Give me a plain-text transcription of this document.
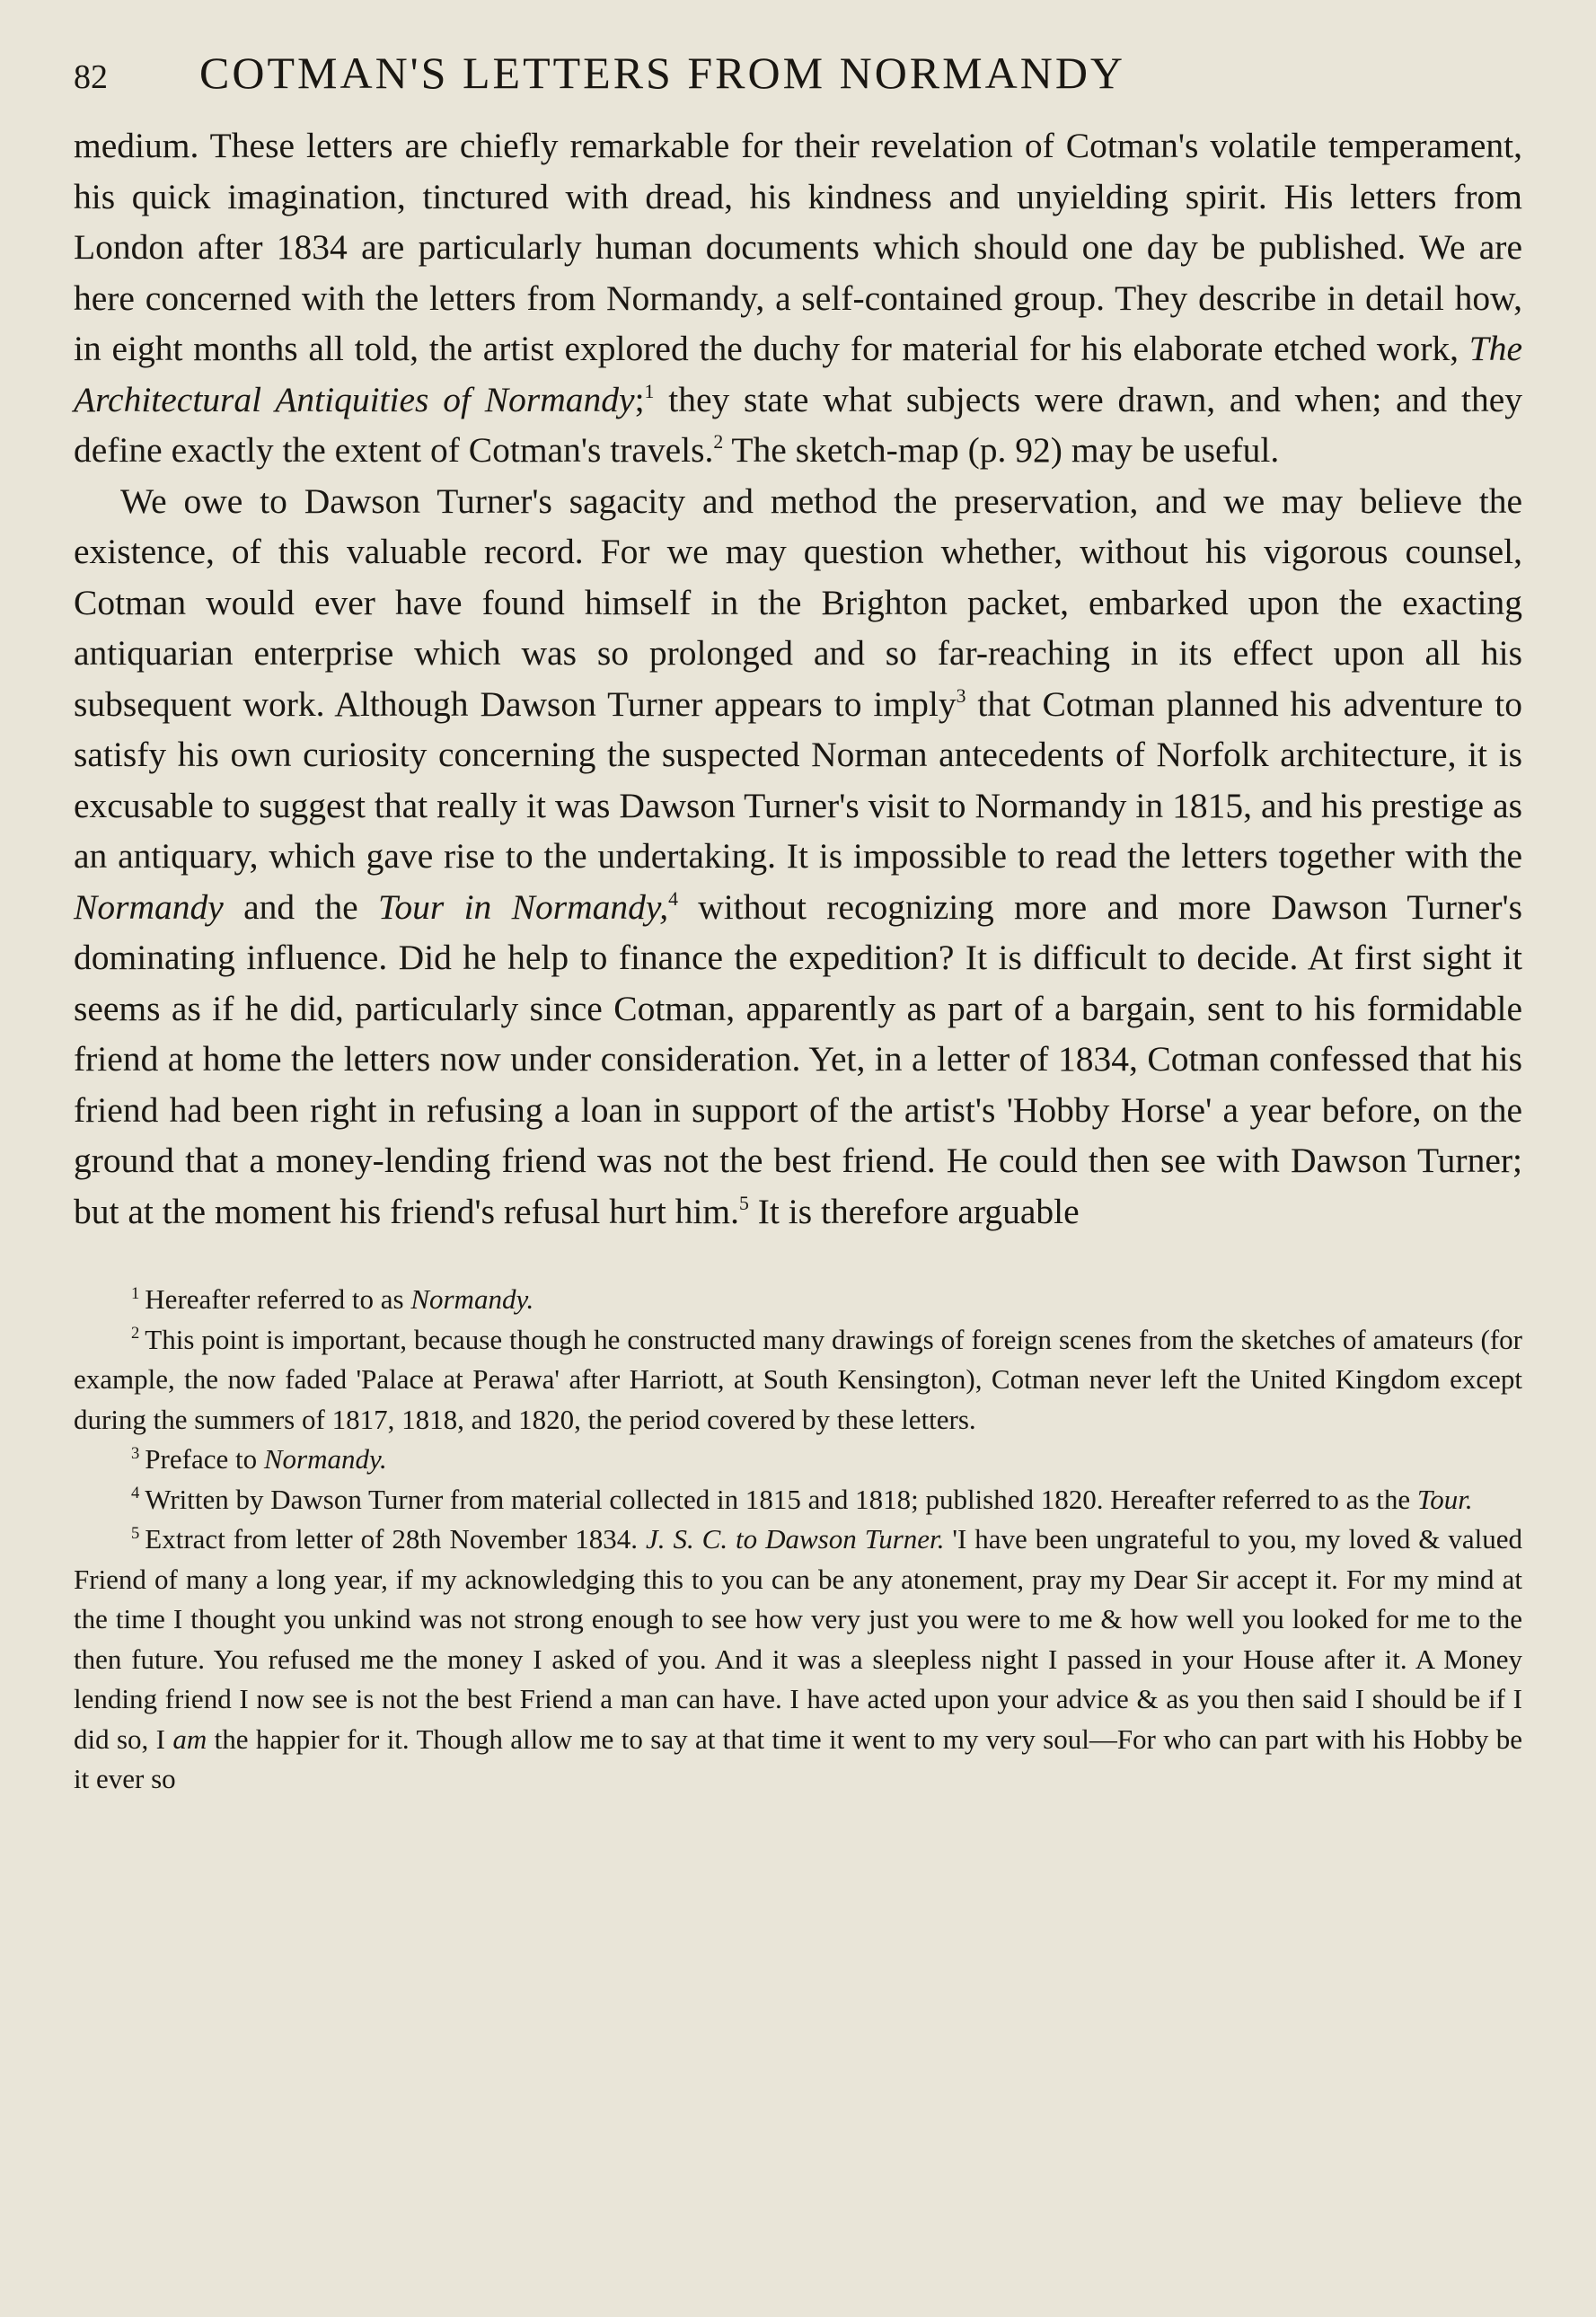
82	COTMAN'S LETTERS FROM NORMANDY

medium. These letters are chiefly remarkable for their revelation of Cotman's volatile temperament, his quick imagination, tinctured with dread, his kindness and unyielding spirit. His letters from London after 1834 are particularly human documents which should one day be published. We are here concerned with the letters from Normandy, a self-contained group. They describe in detail how, in eight months all told, the artist explored the duchy for material for his elaborate etched work, The Architectural Antiquities of Normandy;$^1$ they state what subjects were drawn, and when; and they define exactly the extent of Cotman's travels.$^2$ The sketch-map (p. 92) may be useful.

We owe to Dawson Turner's sagacity and method the preservation, and we may believe the existence, of this valuable record. For we may question whether, without his vigorous counsel, Cotman would ever have found himself in the Brighton packet, embarked upon the exacting antiquarian enterprise which was so prolonged and so far-reaching in its effect upon all his subsequent work. Although Dawson Turner appears to imply$^3$ that Cotman planned his adventure to satisfy his own curiosity concerning the suspected Norman antecedents of Norfolk architecture, it is excusable to suggest that really it was Dawson Turner's visit to Normandy in 1815, and his prestige as an antiquary, which gave rise to the undertaking. It is impossible to read the letters together with the Normandy and the Tour in Normandy,$^4$ without recognizing more and more Dawson Turner's dominating influence. Did he help to finance the expedition? It is difficult to decide. At first sight it seems as if he did, particularly since Cotman, apparently as part of a bargain, sent to his formidable friend at home the letters now under consideration. Yet, in a letter of 1834, Cotman confessed that his friend had been right in refusing a loan in support of the artist's 'Hobby Horse' a year before, on the ground that a money-lending friend was not the best friend. He could then see with Dawson Turner; but at the moment his friend's refusal hurt him.$^5$ It is therefore arguable

$^1$ Hereafter referred to as Normandy.

$^2$ This point is important, because though he constructed many drawings of foreign scenes from the sketches of amateurs (for example, the now faded 'Palace at Perawa' after Harriott, at South Kensington), Cotman never left the United Kingdom except during the summers of 1817, 1818, and 1820, the period covered by these letters.

$^3$ Preface to Normandy.

$^4$ Written by Dawson Turner from material collected in 1815 and 1818; published 1820. Hereafter referred to as the Tour.

$^5$ Extract from letter of 28th November 1834. J. S. C. to Dawson Turner. 'I have been ungrateful to you, my loved & valued Friend of many a long year, if my acknowledging this to you can be any atonement, pray my Dear Sir accept it. For my mind at the time I thought you unkind was not strong enough to see how very just you were to me & how well you looked for me to the then future. You refused me the money I asked of you. And it was a sleepless night I passed in your House after it. A Money lending friend I now see is not the best Friend a man can have. I have acted upon your advice & as you then said I should be if I did so, I am the happier for it. Though allow me to say at that time it went to my very soul—For who can part with his Hobby be it ever so
